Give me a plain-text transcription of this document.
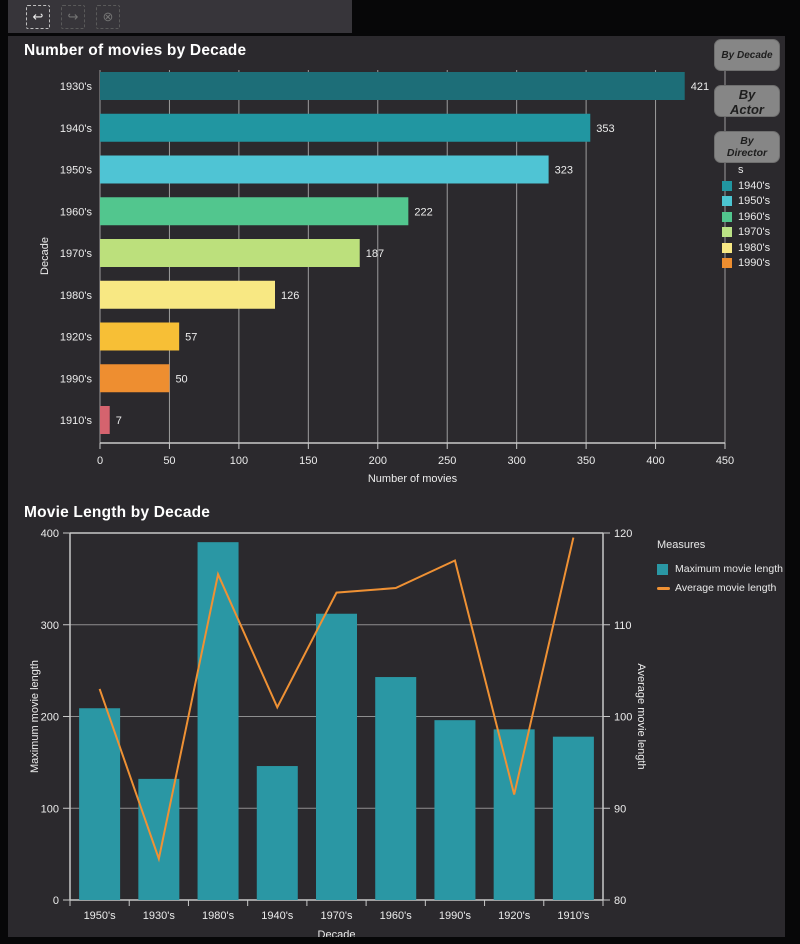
↩ ↪ ⊗
Number of movies by Decade
0	50	100	150	200	250	300	350	400	450
Number of movies
1930's	421
1940's	353
1950's	323
1960's	222
1970's	187
1980's	126
1920's	57
1990's	50
1910's 7
Decade
By Decade
By Actor
By Director
s
1940's
1950's
1960's
1970's
1980's
1990's
Movie Length by Decade
0
100
200
300
400
80
90
100
110
120
1950's 1930's 1980's 1940's 1970's 1960's 1990's 1920's 1910's
Decade
Maximum movie length	Average movie length
Measures
Maximum movie length
Average movie length
